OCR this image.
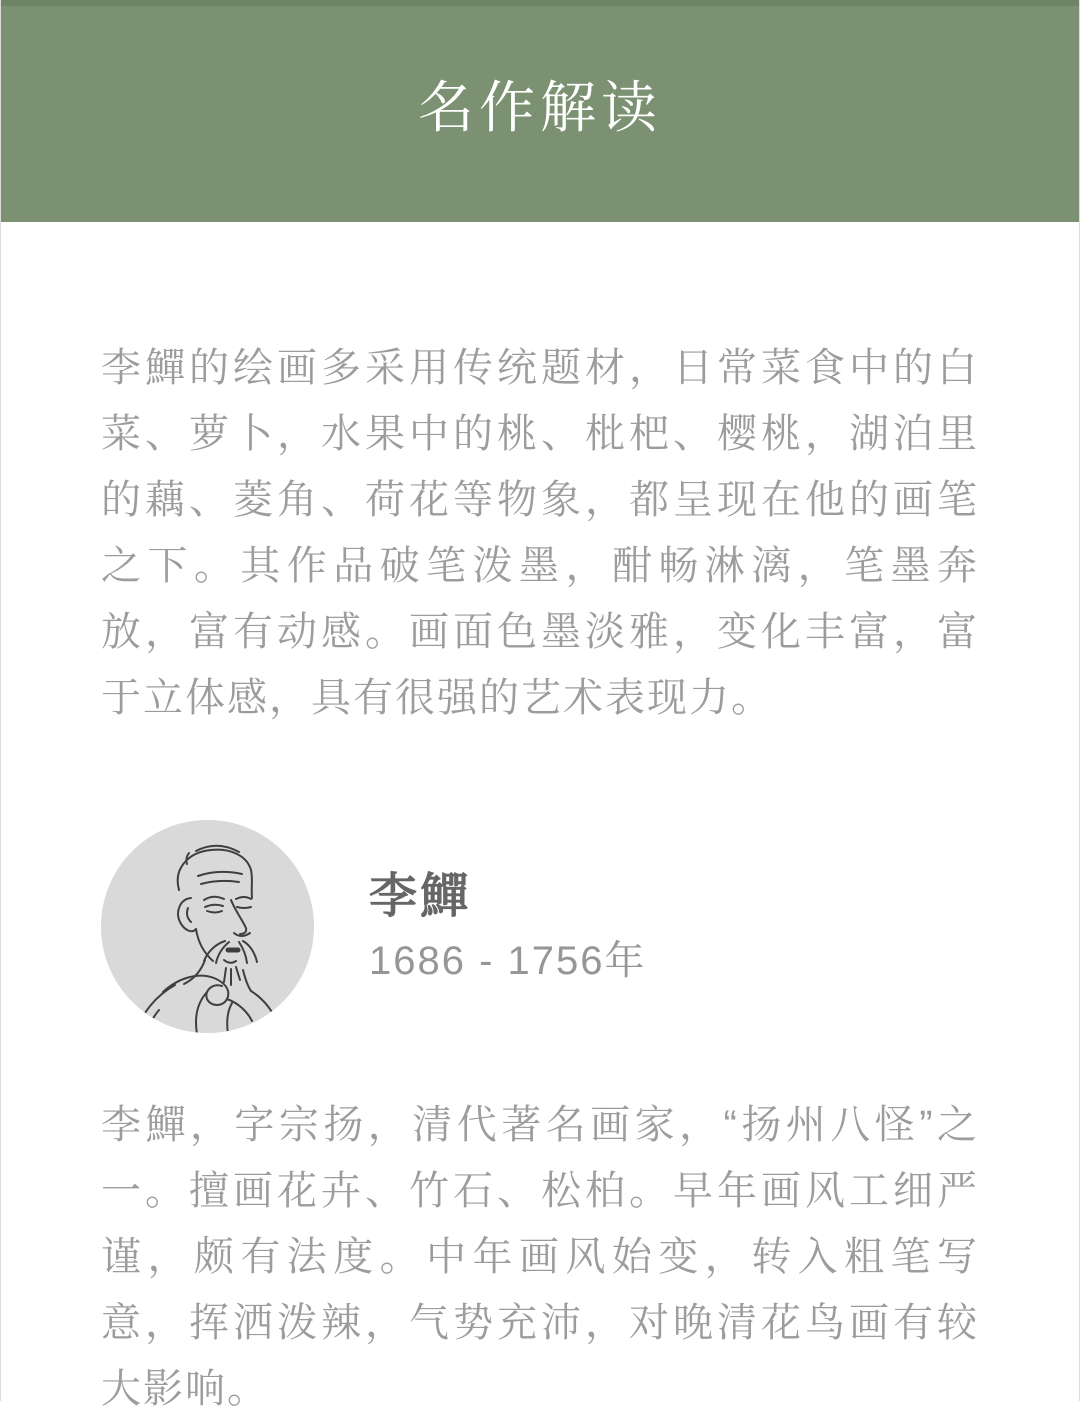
名作解读

李鱓的绘画多采用传统题材，日常菜食中的白菜、萝卜，水果中的桃、枇杷、樱桃，湖泊里的藕、菱角、荷花等物象，都呈现在他的画笔之下。其作品破笔泼墨，酣畅淋漓，笔墨奔放，富有动感。画面色墨淡雅，变化丰富，富于立体感，具有很强的艺术表现力。

李鱓
1686 - 1756年

李鱓，字宗扬，清代著名画家，“扬州八怪”之一。擅画花卉、竹石、松柏。早年画风工细严谨，颇有法度。中年画风始变，转入粗笔写意，挥洒泼辣，气势充沛，对晚清花鸟画有较大影响。
